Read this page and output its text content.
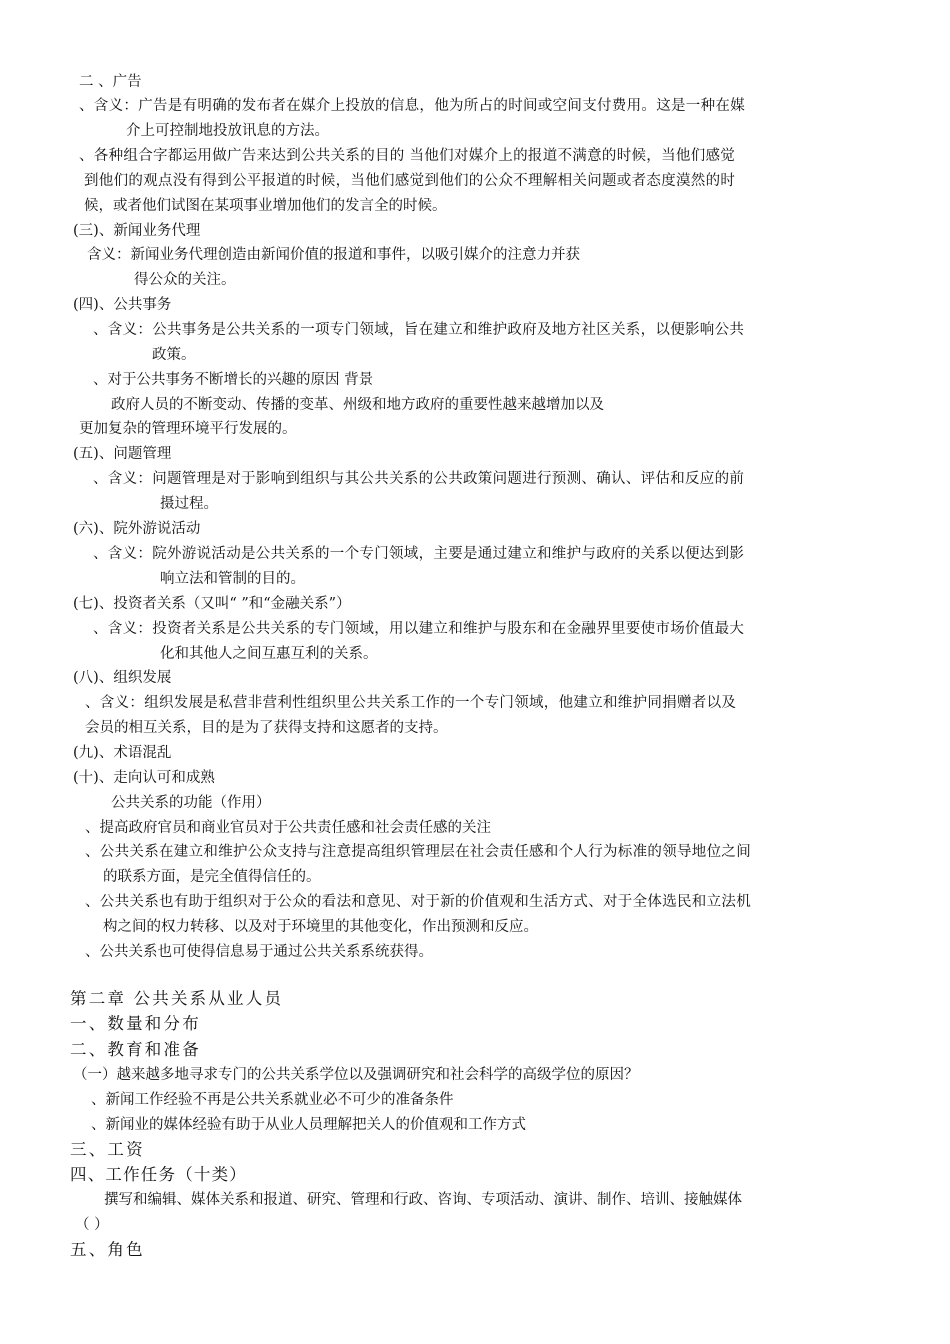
二 、广告
、含义：广告是有明确的发布者在媒介上投放的信息，他为所占的时间或空间支付费用。这是一种在媒
介上可控制地投放讯息的方法。
、各种组合字都运用做广告来达到公共关系的目的 当他们对媒介上的报道不满意的时候，当他们感觉
到他们的观点没有得到公平报道的时候，当他们感觉到他们的公众不理解相关问题或者态度漠然的时
候，或者他们试图在某项事业增加他们的发言全的时候。
(三)、新闻业务代理
含义：新闻业务代理创造由新闻价值的报道和事件，以吸引媒介的注意力并获
得公众的关注。
(四)、公共事务
、含义：公共事务是公共关系的一项专门领域，旨在建立和维护政府及地方社区关系，以便影响公共
政策。
、对于公共事务不断增长的兴趣的原因 背景
政府人员的不断变动、传播的变革、州级和地方政府的重要性越来越增加以及
更加复杂的管理环境平行发展的。
(五)、问题管理
、含义：问题管理是对于影响到组织与其公共关系的公共政策问题进行预测、确认、评估和反应的前
摄过程。
(六)、院外游说活动
、含义：院外游说活动是公共关系的一个专门领域，主要是通过建立和维护与政府的关系以便达到影
响立法和管制的目的。
(七)、投资者关系（又叫“ ”和“金融关系”）
、含义：投资者关系是公共关系的专门领域，用以建立和维护与股东和在金融界里要使市场价值最大
化和其他人之间互惠互利的关系。
(八)、组织发展
、含义：组织发展是私营非营利性组织里公共关系工作的一个专门领域，他建立和维护同捐赠者以及
会员的相互关系，目的是为了获得支持和这愿者的支持。
(九)、术语混乱
(十)、走向认可和成熟
公共关系的功能（作用）
、提高政府官员和商业官员对于公共责任感和社会责任感的关注
、公共关系在建立和维护公众支持与注意提高组织管理层在社会责任感和个人行为标准的领导地位之间
的联系方面，是完全值得信任的。
、公共关系也有助于组织对于公众的看法和意见、对于新的价值观和生活方式、对于全体选民和立法机
构之间的权力转移、以及对于环境里的其他变化，作出预测和反应。
、公共关系也可使得信息易于通过公共关系系统获得。
第二章 公共关系从业人员
一、数量和分布
二、教育和准备
（一）越来越多地寻求专门的公共关系学位以及强调研究和社会科学的高级学位的原因？
、新闻工作经验不再是公共关系就业必不可少的准备条件
、新闻业的媒体经验有助于从业人员理解把关人的价值观和工作方式
三、工资
四、工作任务（十类）
撰写和编辑、媒体关系和报道、研究、管理和行政、咨询、专项活动、演讲、制作、培训、接触媒体
（ ）
五、角色
